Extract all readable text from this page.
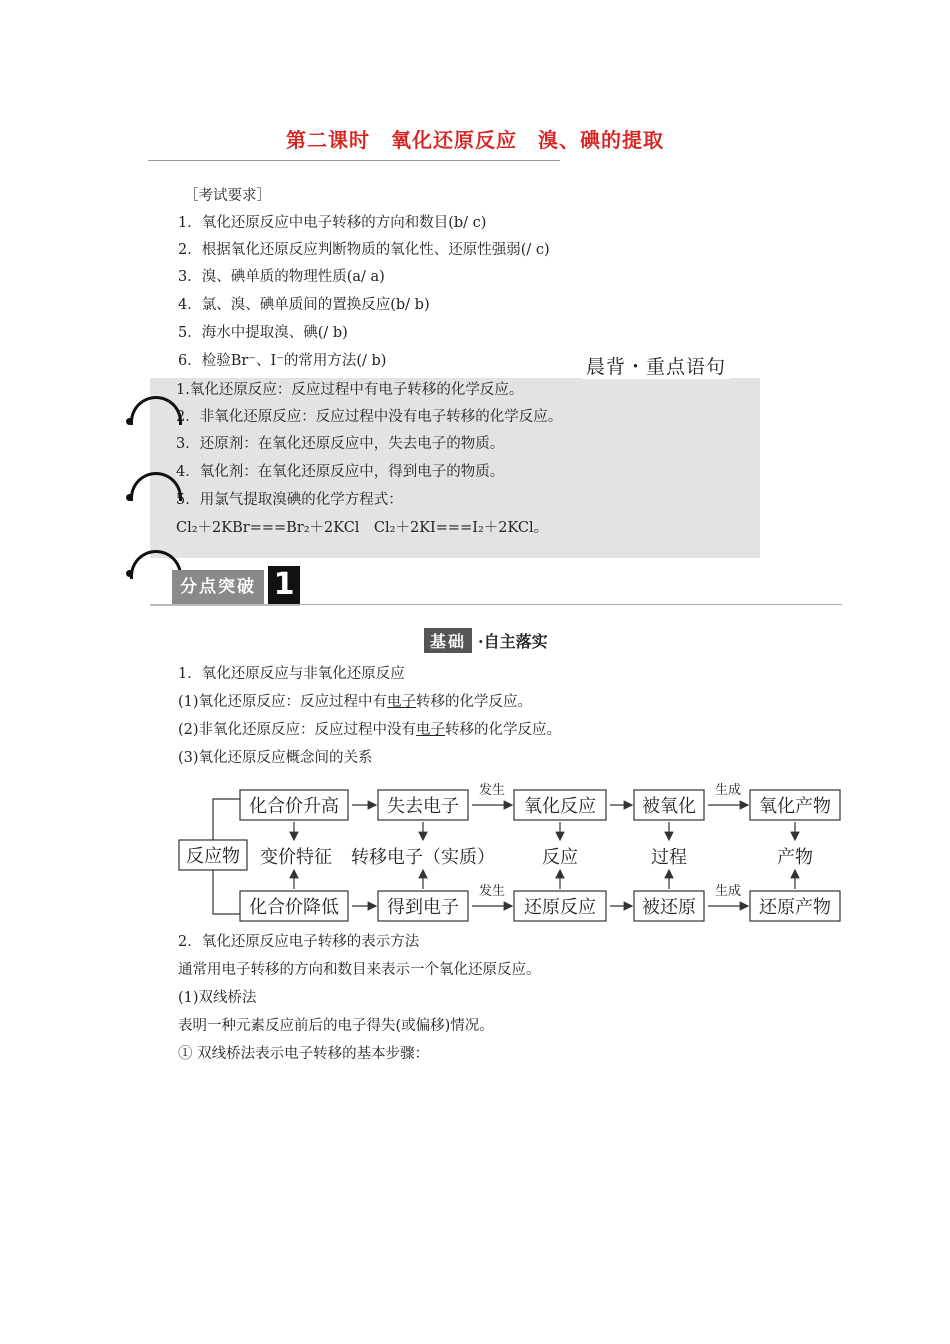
第二课时　氧化还原反应　溴、碘的提取
［考试要求］
1．氧化还原反应中电子转移的方向和数目(b/ c)
2．根据氧化还原反应判断物质的氧化性、还原性强弱(/ c)
3．溴、碘单质的物理性质(a/ a)
4．氯、溴、碘单质间的置换反应(b/ b)
5．海水中提取溴、碘(/ b)
6．检验Br⁻、I⁻的常用方法(/ b)	晨背・重点语句
1.氧化还原反应：反应过程中有电子转移的化学反应。
2．非氧化还原反应：反应过程中没有电子转移的化学反应。
3．还原剂：在氧化还原反应中，失去电子的物质。
4．氧化剂：在氧化还原反应中，得到电子的物质。
5．用氯气提取溴碘的化学方程式：
Cl₂＋2KBr===Br₂＋2KCl　Cl₂＋2KI===I₂＋2KCl。
分点突破 1
基础 ·自主落实
1．氧化还原反应与非氧化还原反应
(1)氧化还原反应：反应过程中有电子转移的化学反应。
(2)非氧化还原反应：反应过程中没有电子转移的化学反应。
(3)氧化还原反应概念间的关系
反应物
化合价升高	失去电子	氧化反应	被氧化	氧化产物
变价特征 转移电子（实质）	反应	过程	产物
化合价降低	得到电子	还原反应	被还原	还原产物
发生	生成
发生	生成
2．氧化还原反应电子转移的表示方法
通常用电子转移的方向和数目来表示一个氧化还原反应。
(1)双线桥法
表明一种元素反应前后的电子得失(或偏移)情况。
① 双线桥法表示电子转移的基本步骤：
